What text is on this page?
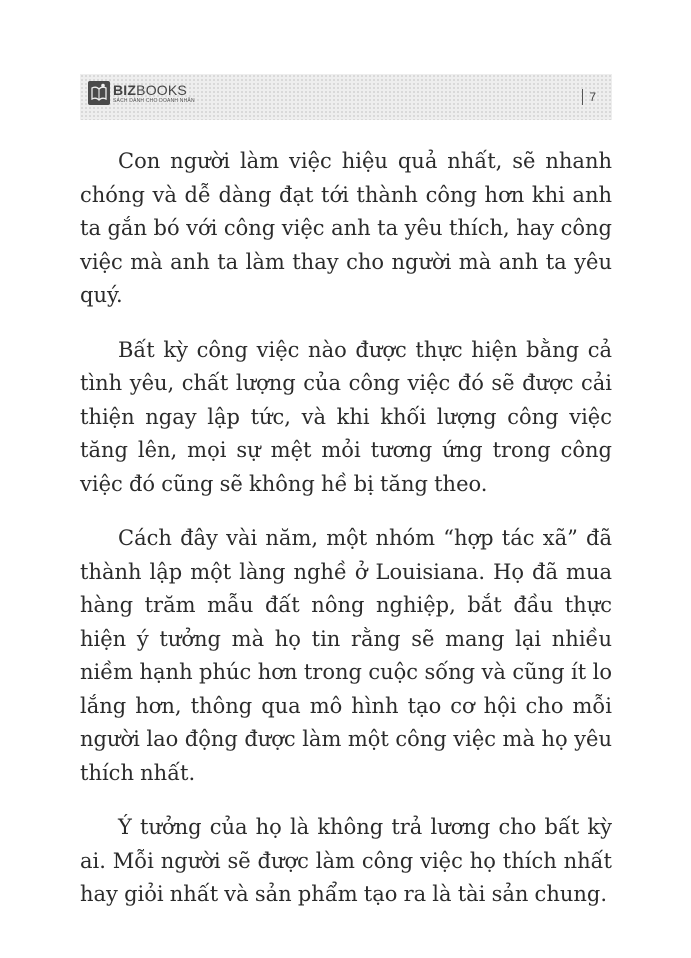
BIZBOOKS
SÁCH DÀNH CHO DOANH NHÂN	7

Con người làm việc hiệu quả nhất, sẽ nhanh chóng và dễ dàng đạt tới thành công hơn khi anh ta gắn bó với công việc anh ta yêu thích, hay công việc mà anh ta làm thay cho người mà anh ta yêu quý.

Bất kỳ công việc nào được thực hiện bằng cả tình yêu, chất lượng của công việc đó sẽ được cải thiện ngay lập tức, và khi khối lượng công việc tăng lên, mọi sự mệt mỏi tương ứng trong công việc đó cũng sẽ không hề bị tăng theo.

Cách đây vài năm, một nhóm “hợp tác xã” đã thành lập một làng nghề ở Louisiana. Họ đã mua hàng trăm mẫu đất nông nghiệp, bắt đầu thực hiện ý tưởng mà họ tin rằng sẽ mang lại nhiều niềm hạnh phúc hơn trong cuộc sống và cũng ít lo lắng hơn, thông qua mô hình tạo cơ hội cho mỗi người lao động được làm một công việc mà họ yêu thích nhất.

Ý tưởng của họ là không trả lương cho bất kỳ ai. Mỗi người sẽ được làm công việc họ thích nhất hay giỏi nhất và sản phẩm tạo ra là tài sản chung.
